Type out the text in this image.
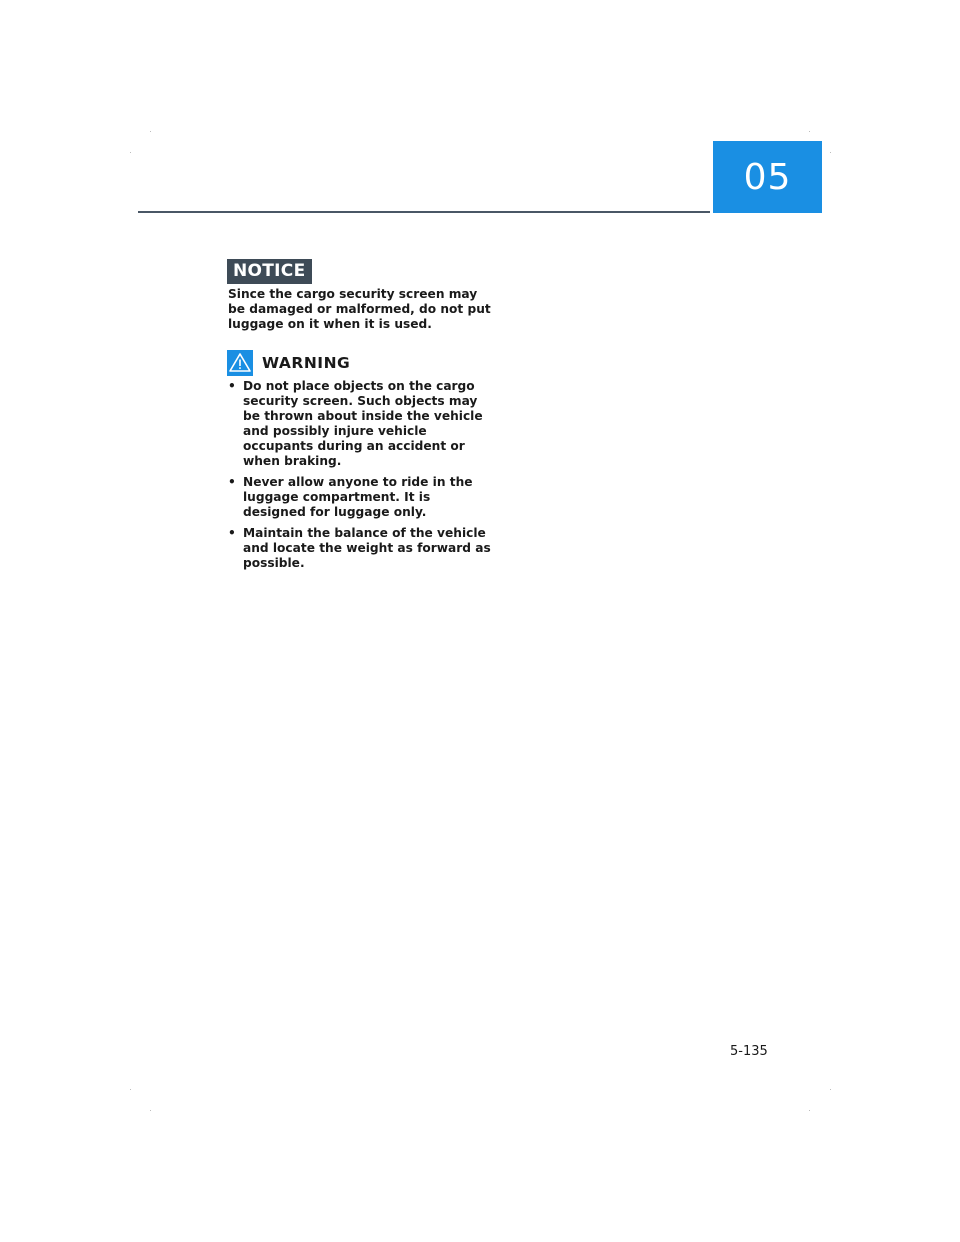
05
NOTICE

Since the cargo security screen may be damaged or malformed, do not put luggage on it when it is used.

WARNING
• Do not place objects on the cargo security screen. Such objects may be thrown about inside the vehicle and possibly injure vehicle occupants during an accident or when braking.
• Never allow anyone to ride in the luggage compartment. It is designed for luggage only.
• Maintain the balance of the vehicle and locate the weight as forward as possible.
5-135
